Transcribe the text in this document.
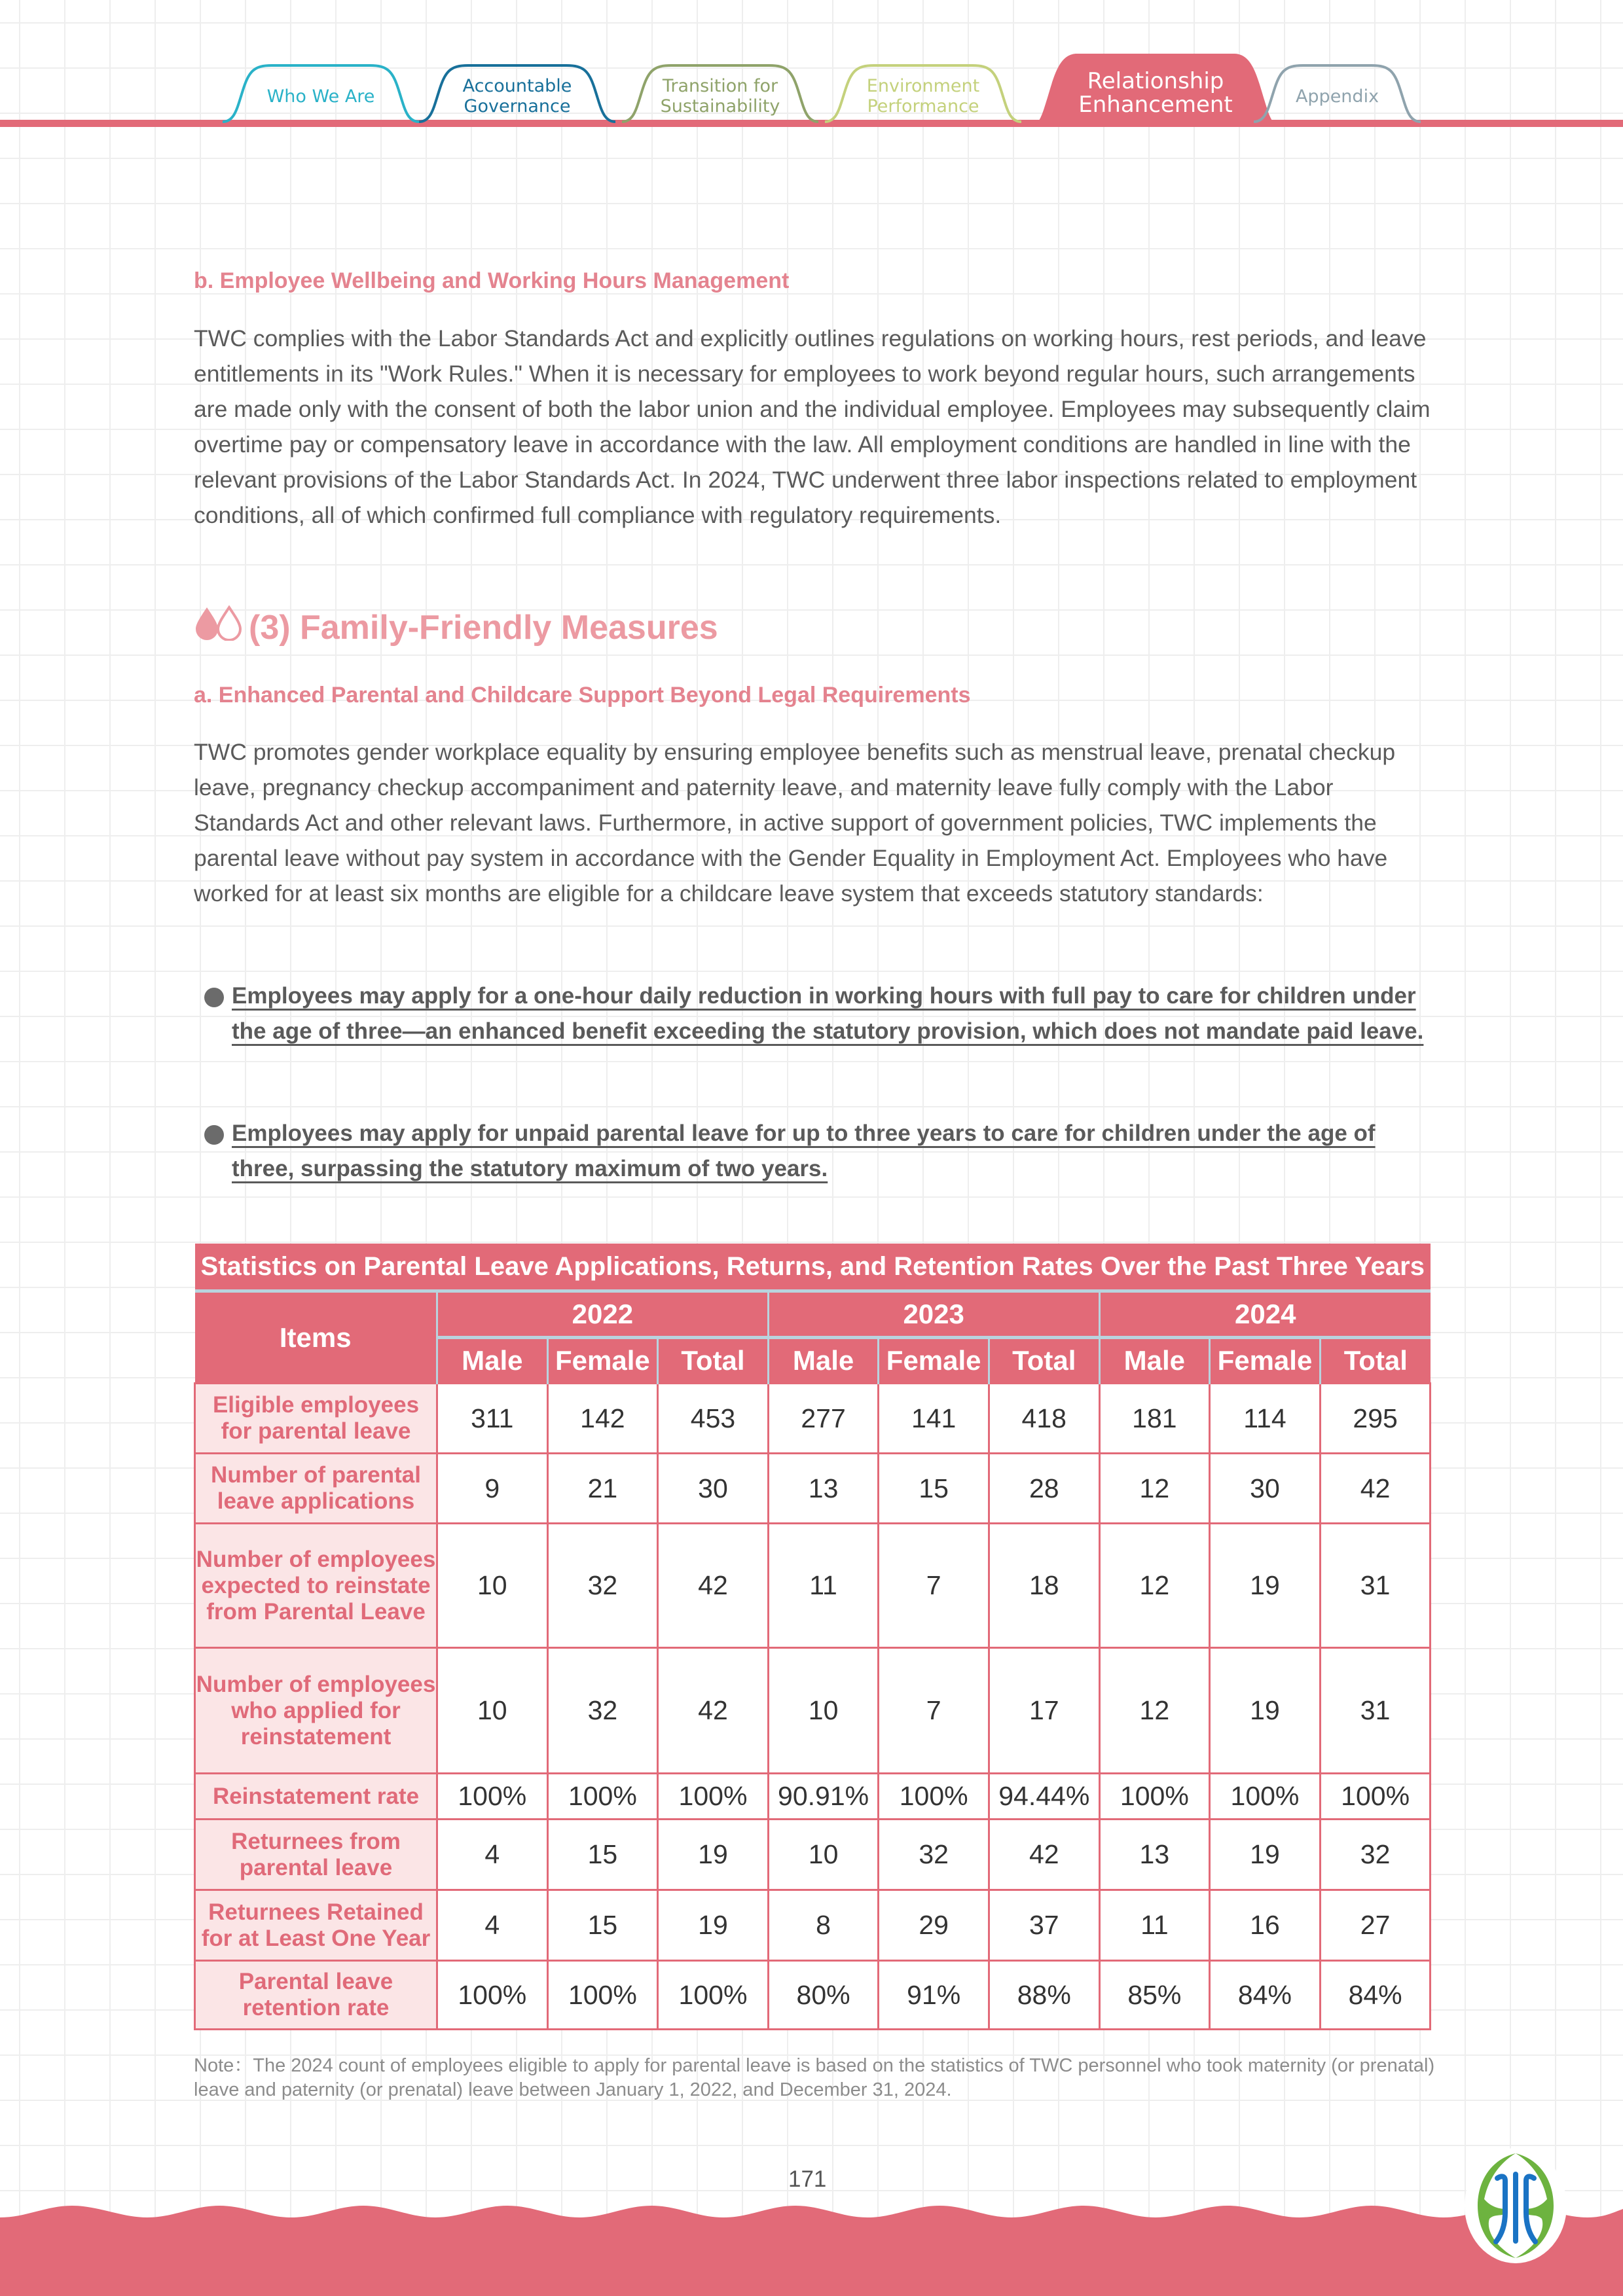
Who We Are	Accountable
Governance
Transition for
Sustainability
Environment
Performance
Relationship
Enhancement	Appendix
b. Employee Wellbeing and Working Hours Management

TWC complies with the Labor Standards Act and explicitly outlines regulations on working hours, rest periods, and leave entitlements in its "Work Rules." When it is necessary for employees to work beyond regular hours, such arrangements are made only with the consent of both the labor union and the individual employee. Employees may subsequently claim overtime pay or compensatory leave in accordance with the law. All employment conditions are handled in line with the relevant provisions of the Labor Standards Act. In 2024, TWC underwent three labor inspections related to employment conditions, all of which confirmed full compliance with regulatory requirements.

(3) Family-Friendly Measures
a. Enhanced Parental and Childcare Support Beyond Legal Requirements

TWC promotes gender workplace equality by ensuring employee benefits such as menstrual leave, prenatal checkup leave, pregnancy checkup accompaniment and paternity leave, and maternity leave fully comply with the Labor Standards Act and other relevant laws. Furthermore, in active support of government policies, TWC implements the parental leave without pay system in accordance with the Gender Equality in Employment Act. Employees who have worked for at least six months are eligible for a childcare leave system that exceeds statutory standards:

Employees may apply for a one-hour daily reduction in working hours with full pay to care for children under the age of three—an enhanced benefit exceeding the statutory provision, which does not mandate paid leave.
Employees may apply for unpaid parental leave for up to three years to care for children under the age of three, surpassing the statutory maximum of two years.
Statistics on Parental Leave Applications, Returns, and Retention Rates Over the Past Three Years									
Items	2022			2023			2024		
	Male	Female	Total	Male	Female	Total	Male	Female	Total
Eligible employees for parental leave	311	142	453	277	141	418	181	114	295
Number of parental leave applications	9	21	30	13	15	28	12	30	42
Number of employees expected to reinstate from Parental Leave	10	32	42	11	7	18	12	19	31
Number of employees who applied for reinstatement	10	32	42	10	7	17	12	19	31
Reinstatement rate	100%	100%	100%	90.91%	100%	94.44%	100%	100%	100%
Returnees from parental leave	4	15	19	10	32	42	13	19	32
Returnees Retained for at Least One Year	4	15	19	8	29	37	11	16	27
Parental leave retention rate	100%	100%	100%	80%	91%	88%	85%	84%	84%
Note：The 2024 count of employees eligible to apply for parental leave is based on the statistics of TWC personnel who took maternity (or prenatal) leave and paternity (or prenatal) leave between January 1, 2022, and December 31, 2024.
171
